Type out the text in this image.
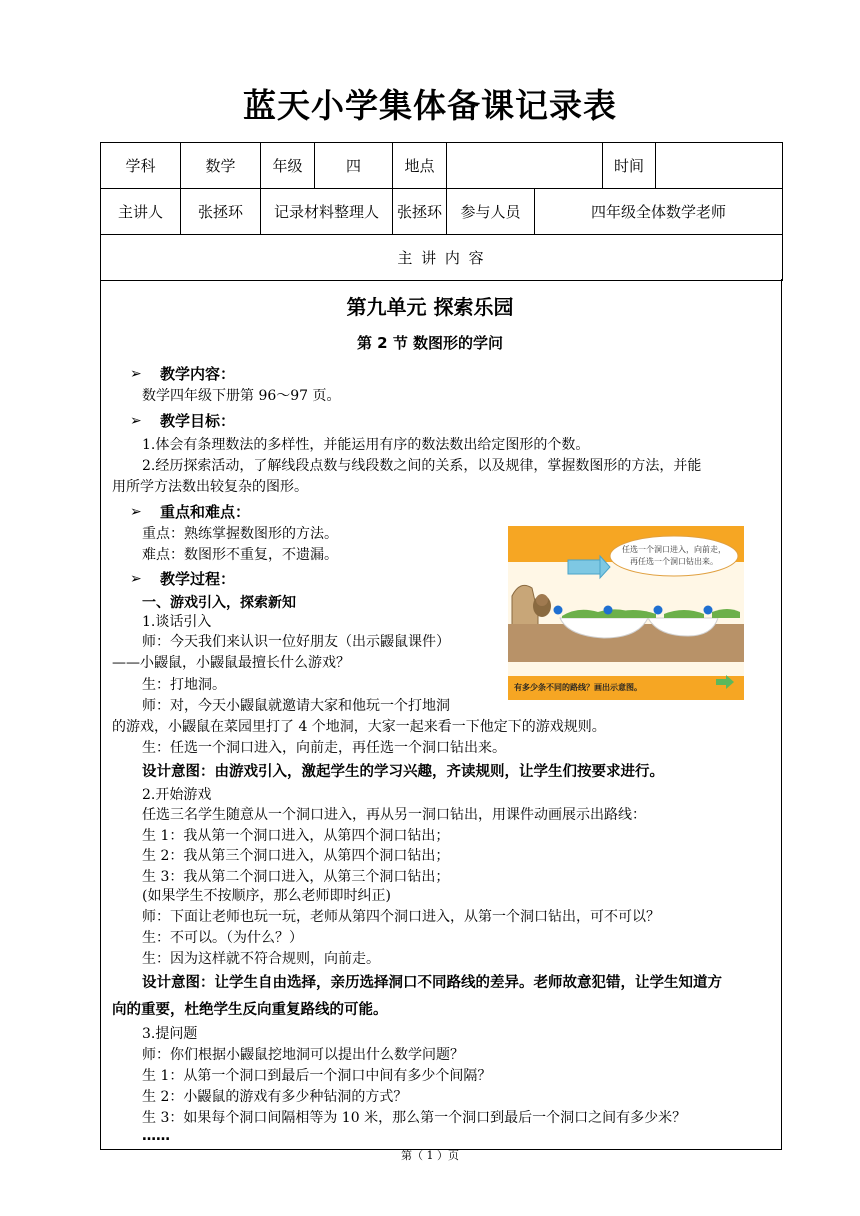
蓝天小学集体备课记录表
学科	数学	年级	四	地点			时间

主讲人	张拯环	记录材料整理人		张拯环	参与人员	四年级全体数学老师	
主 讲 内 容							
第九单元 探索乐园
第 2 节 数图形的学问
➢ 教学内容：
数学四年级下册第 96～97 页。
➢ 教学目标：
1.体会有条理数法的多样性，并能运用有序的数法数出给定图形的个数。
2.经历探索活动，了解线段点数与线段数之间的关系，以及规律，掌握数图形的方法，并能
用所学方法数出较复杂的图形。
➢ 重点和难点：
重点：熟练掌握数图形的方法。
难点：数图形不重复，不遗漏。
➢ 教学过程：
一、游戏引入，探索新知
1.谈话引入
师：今天我们来认识一位好朋友（出示鼹鼠课件）
——小鼹鼠，小鼹鼠最擅长什么游戏？
生：打地洞。
师：对，今天小鼹鼠就邀请大家和他玩一个打地洞
的游戏，小鼹鼠在菜园里打了 4 个地洞，大家一起来看一下他定下的游戏规则。
生：任选一个洞口进入，向前走，再任选一个洞口钻出来。
设计意图：由游戏引入，激起学生的学习兴趣，齐读规则，让学生们按要求进行。
2.开始游戏
任选三名学生随意从一个洞口进入，再从另一洞口钻出，用课件动画展示出路线：
生 1：我从第一个洞口进入，从第四个洞口钻出；
生 2：我从第三个洞口进入，从第四个洞口钻出；
生 3：我从第二个洞口进入，从第三个洞口钻出；
(如果学生不按顺序，那么老师即时纠正)
师：下面让老师也玩一玩，老师从第四个洞口进入，从第一个洞口钻出，可不可以？
生：不可以。（为什么？）
生：因为这样就不符合规则，向前走。
设计意图：让学生自由选择，亲历选择洞口不同路线的差异。老师故意犯错，让学生知道方
向的重要，杜绝学生反向重复路线的可能。
3.提问题
师：你们根据小鼹鼠挖地洞可以提出什么数学问题？
生 1：从第一个洞口到最后一个洞口中间有多少个间隔？
生 2：小鼹鼠的游戏有多少种钻洞的方式？
生 3：如果每个洞口间隔相等为 10 米，那么第一个洞口到最后一个洞口之间有多少米？
……
任选一个洞口进入，向前走，
再任选一个洞口钻出来。
有多少条不同的路线？画出示意图。
第（ 1 ）页
